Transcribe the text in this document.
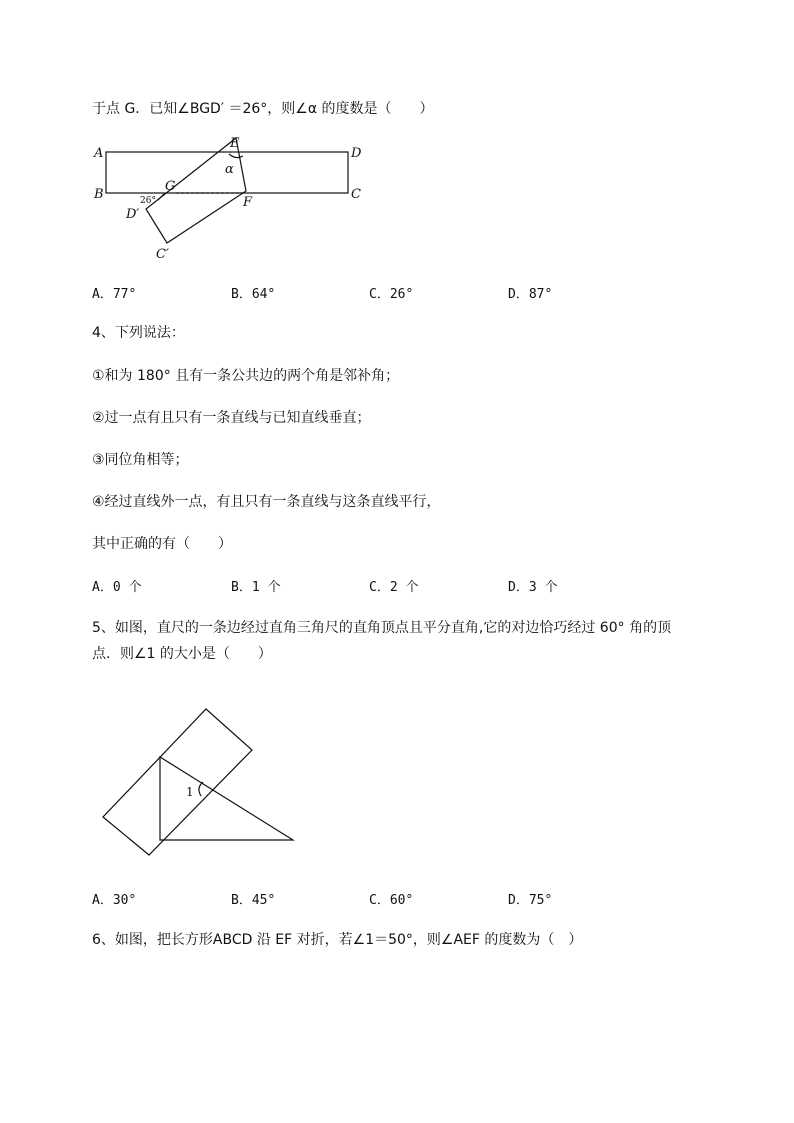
于点 G．已知∠BGD′ ＝26°，则∠α 的度数是（　　）
A
B
D
C
E
F
G
D′
C′
α
26°
A．77°	B．64°	C．26°	D．87°
4、下列说法：
①和为 180° 且有一条公共边的两个角是邻补角；
②过一点有且只有一条直线与已知直线垂直；
③同位角相等；
④经过直线外一点，有且只有一条直线与这条直线平行，
其中正确的有（　　）
A．0 个	B．1 个	C．2 个	D．3 个
5、如图，直尺的一条边经过直角三角尺的直角顶点且平分直角,它的对边恰巧经过 60° 角的顶
点．则∠1 的大小是（　　）
1
A．30°	B．45°	C．60°	D．75°
6、如图，把长方形ABCD 沿 EF 对折，若∠1＝50°，则∠AEF 的度数为（　）
